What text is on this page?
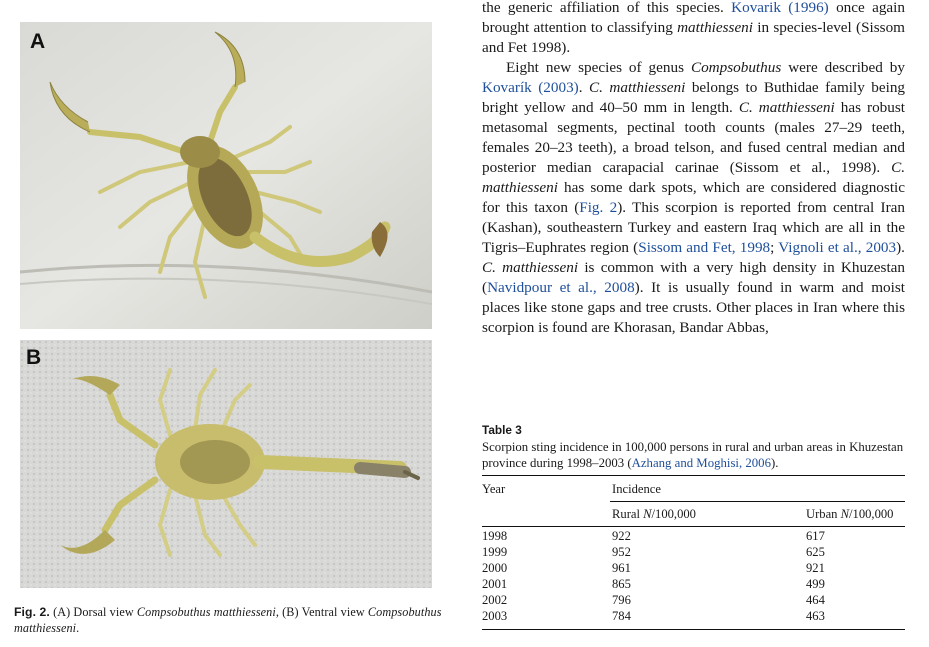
A
B
Fig. 2. (A) Dorsal view Compsobuthus matthiesseni, (B) Ventral view Compsobuthus matthiesseni.

the generic affiliation of this species. Kovarik (1996) once again brought attention to classifying matthiesseni in species-level (Sissom and Fet 1998).

Eight new species of genus Compsobuthus were described by Kovarík (2003). C. matthiesseni belongs to Buthidae family being bright yellow and 40–50 mm in length. C. matthiesseni has robust metasomal segments, pectinal tooth counts (males 27–29 teeth, females 20–23 teeth), a broad telson, and fused central median and posterior median carapacial carinae (Sissom et al., 1998). C. matthiesseni has some dark spots, which are considered diagnostic for this taxon (Fig. 2). This scorpion is reported from central Iran (Kashan), southeastern Turkey and eastern Iraq which are all in the Tigris–Euphrates region (Sissom and Fet, 1998; Vignoli et al., 2003). C. matthiesseni is common with a very high density in Khuzestan (Navidpour et al., 2008). It is usually found in warm and moist places like stone gaps and tree crusts. Other places in Iran where this scorpion is found are Khorasan, Bandar Abbas,

Table 3
Scorpion sting incidence in 100,000 persons in rural and urban areas in Khuzestan province during 1998–2003 (Azhang and Moghisi, 2006).
Year	Incidence
Rural N/100,000	Urban N/100,000
1998	922	617
1999	952	625
2000	961	921
2001	865	499
2002	796	464
2003	784	463
